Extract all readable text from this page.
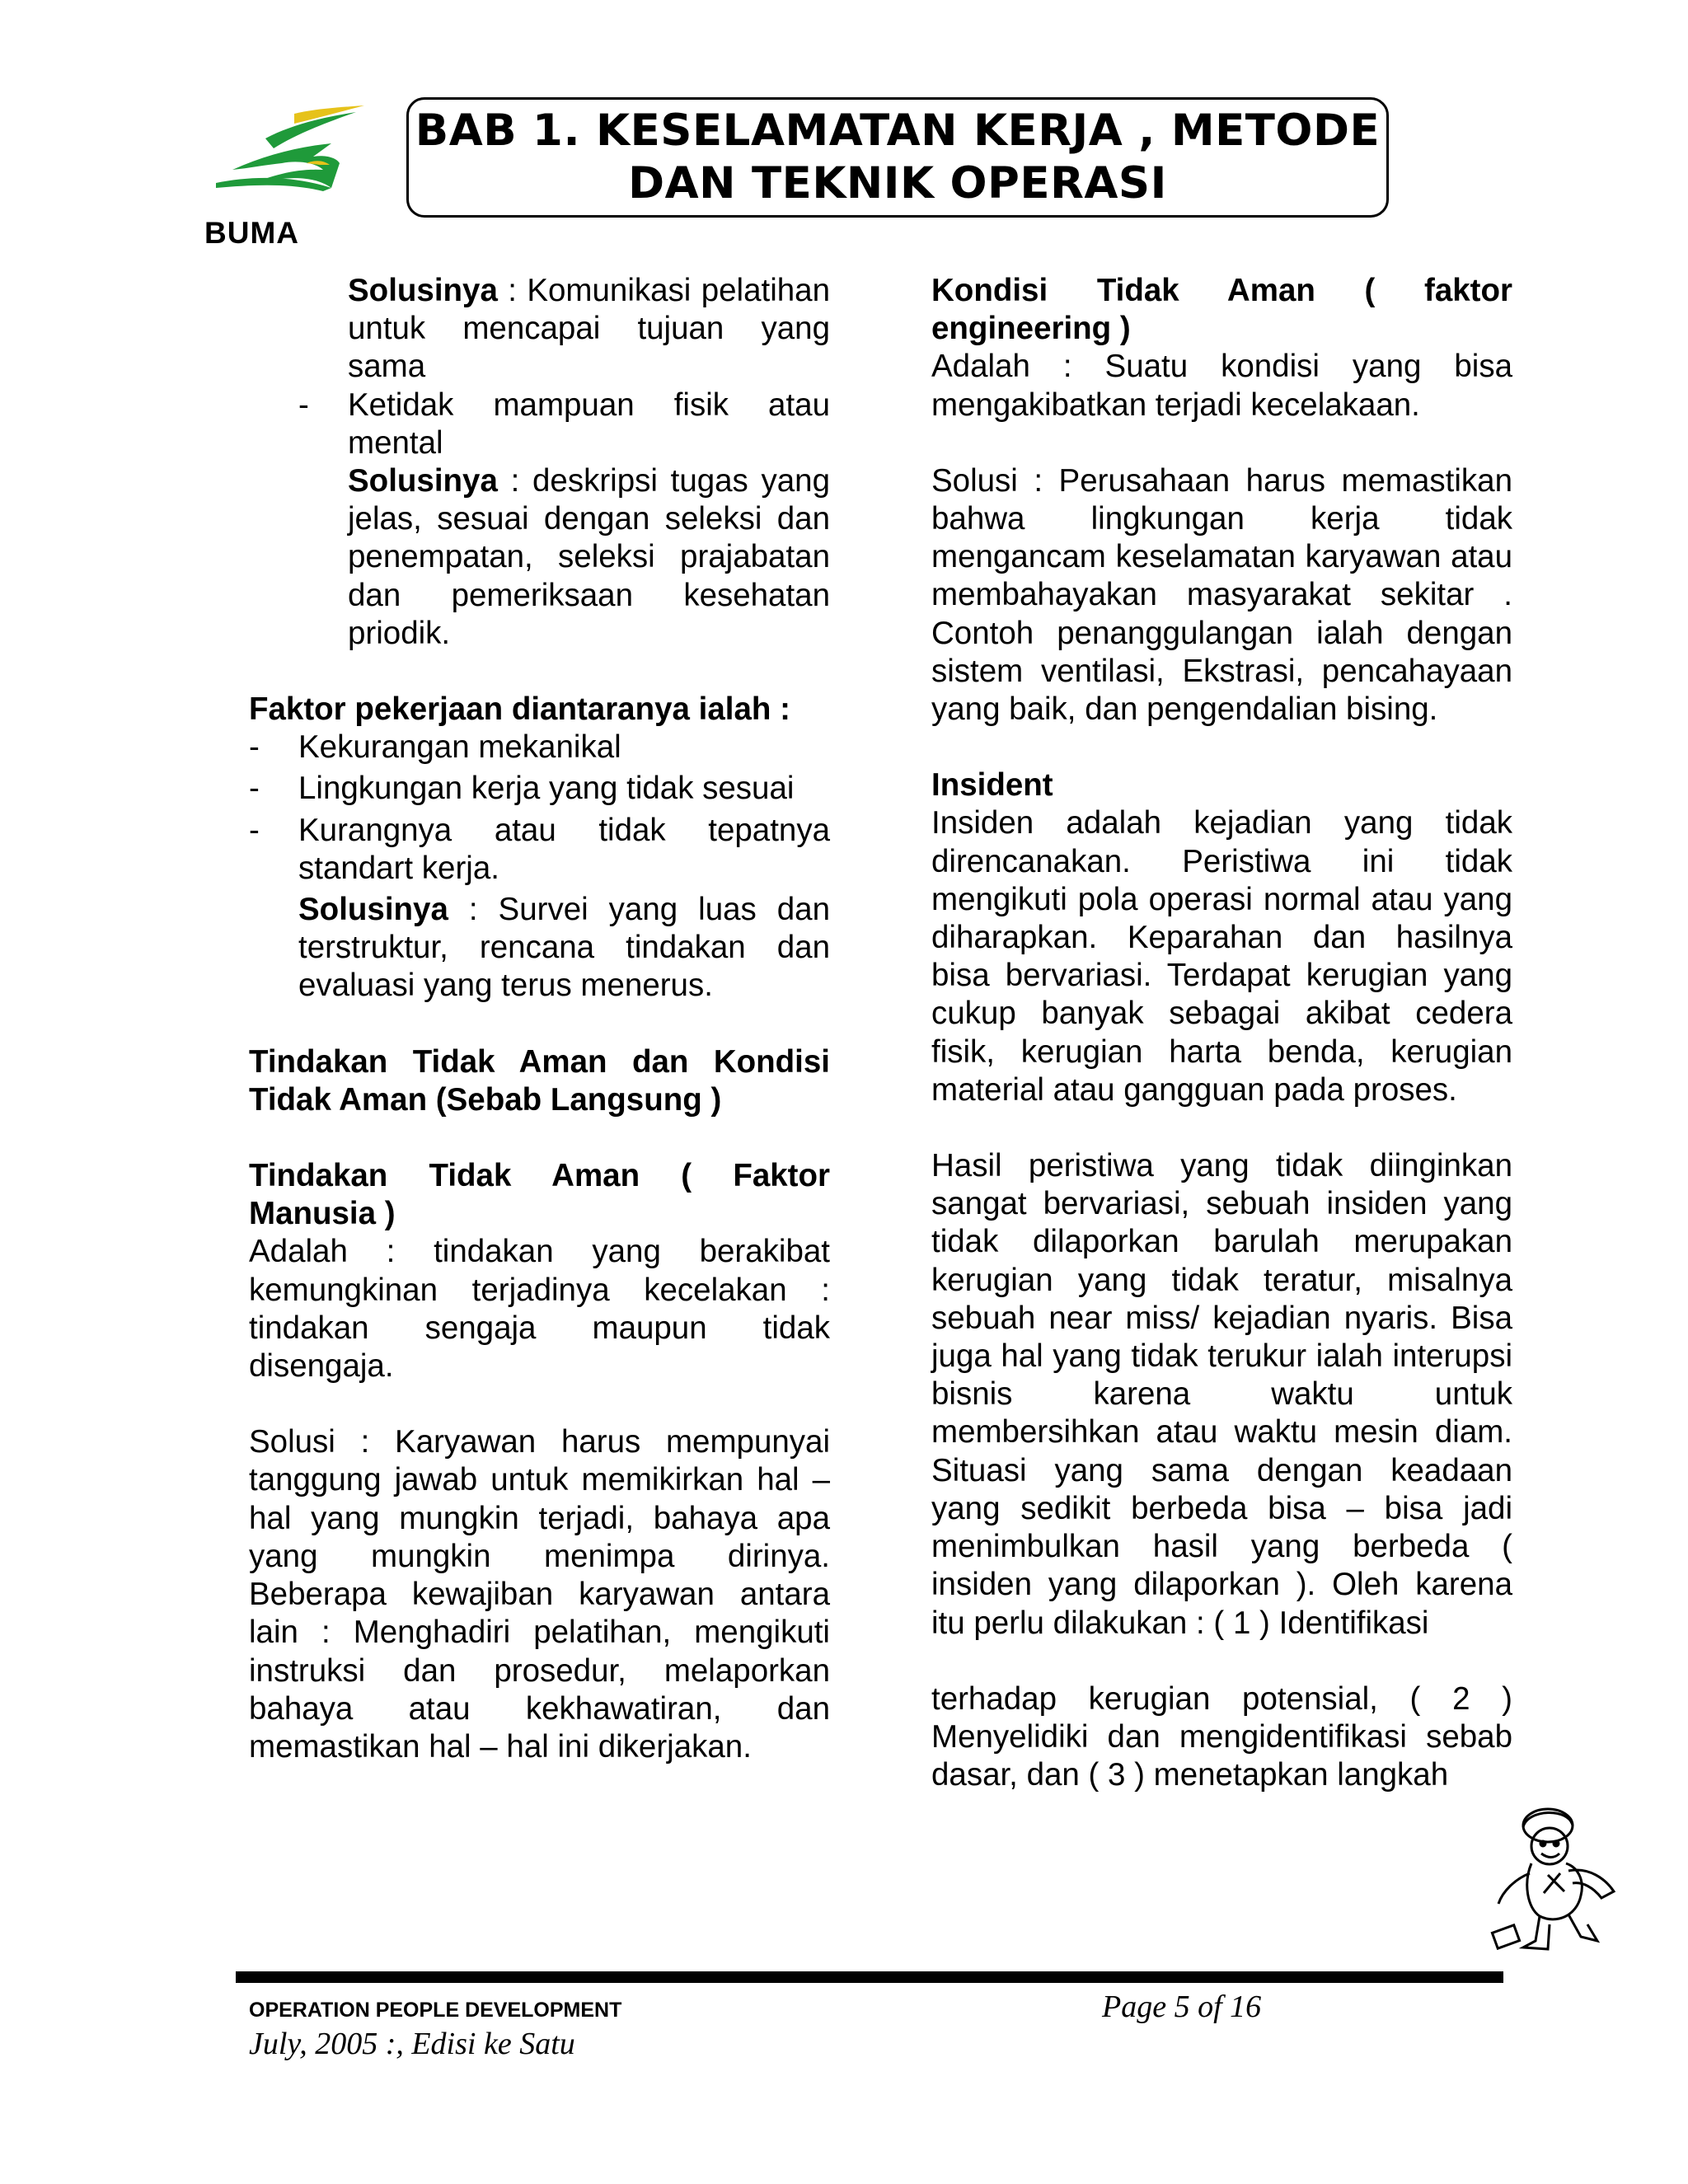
BUMA
BAB 1. KESELAMATAN KERJA , METODE
DAN TEKNIK OPERASI

Solusinya : Komunikasi pelatihan untuk mencapai tujuan yang sama

- Ketidak mampuan fisik atau mental

Solusinya : deskripsi tugas yang jelas, sesuai dengan seleksi dan penempatan, seleksi prajabatan dan pemeriksaan kesehatan priodik.

Faktor pekerjaan diantaranya ialah :

- Kekurangan mekanikal
- Lingkungan kerja yang tidak sesuai
- Kurangnya atau tidak tepatnya standart kerja.

Solusinya : Survei yang luas dan terstruktur, rencana tindakan dan evaluasi yang terus menerus.

Tindakan Tidak Aman dan Kondisi Tidak Aman (Sebab Langsung )

Tindakan Tidak Aman ( Faktor Manusia )

Adalah : tindakan yang berakibat kemungkinan terjadinya kecelakan : tindakan sengaja maupun tidak disengaja.

Solusi : Karyawan harus mempunyai tanggung jawab untuk memikirkan hal – hal yang mungkin terjadi, bahaya apa yang mungkin menimpa dirinya. Beberapa kewajiban karyawan antara lain : Menghadiri pelatihan, mengikuti instruksi dan prosedur, melaporkan bahaya atau kekhawatiran, dan memastikan hal – hal ini dikerjakan.

Kondisi Tidak Aman ( faktor engineering )

Adalah : Suatu kondisi yang bisa mengakibatkan terjadi kecelakaan.

Solusi : Perusahaan harus memastikan bahwa lingkungan kerja tidak mengancam keselamatan karyawan atau membahayakan masyarakat sekitar . Contoh penanggulangan ialah dengan sistem ventilasi, Ekstrasi, pencahayaan yang baik, dan pengendalian bising.

Insident

Insiden adalah kejadian yang tidak direncanakan. Peristiwa ini tidak mengikuti pola operasi normal atau yang diharapkan. Keparahan dan hasilnya bisa bervariasi. Terdapat kerugian yang cukup banyak sebagai akibat cedera fisik, kerugian harta benda, kerugian material atau gangguan pada proses.

Hasil peristiwa yang tidak diinginkan sangat bervariasi, sebuah insiden yang tidak dilaporkan barulah merupakan kerugian yang tidak teratur, misalnya sebuah near miss/ kejadian nyaris. Bisa juga hal yang tidak terukur ialah interupsi bisnis karena waktu untuk membersihkan atau waktu mesin diam. Situasi yang sama dengan keadaan yang sedikit berbeda bisa – bisa jadi menimbulkan hasil yang berbeda ( insiden yang dilaporkan ). Oleh karena itu perlu dilakukan : ( 1 ) Identifikasi

terhadap kerugian potensial, ( 2 ) Menyelidiki dan mengidentifikasi sebab dasar, dan ( 3 ) menetapkan langkah

OPERATION PEOPLE DEVELOPMENT	Page 5 of 16
July, 2005 :, Edisi ke Satu
